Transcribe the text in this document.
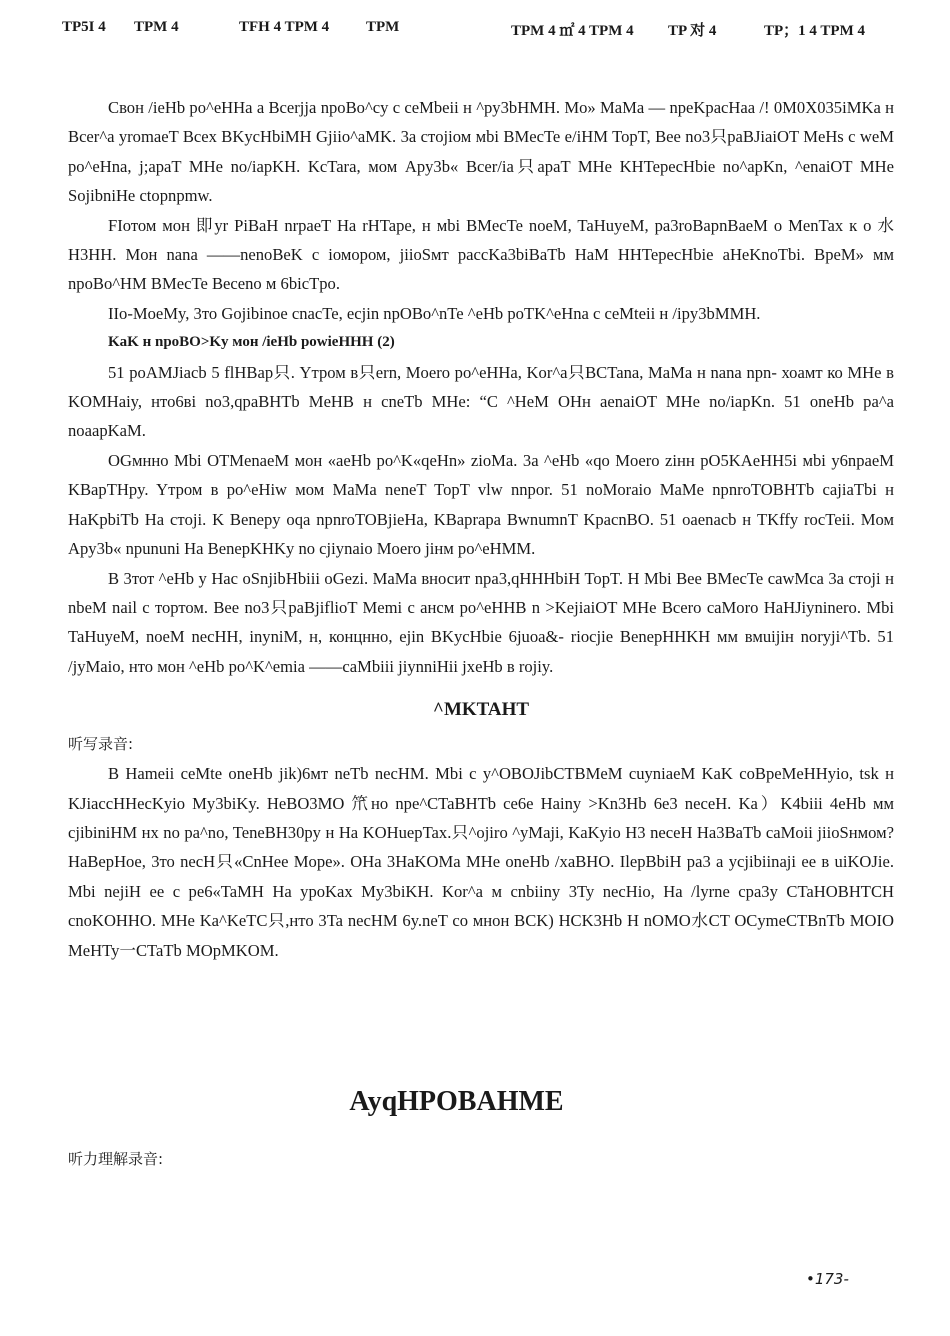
TP5I 4 TPM 4	TFH 4 TPM 4 TPM	TPM 4 ㎡ 4 TPM 4 TP 对 4	TP；1 4 TPM 4

Cвон /ieHb po^eHHa a Bcerjja npoBo^cy c ceMbeii н ^py3bHMH. Mo» MaMa — npeKpacHaa /! 0M0X035iMKa н Bcer^a yromaeT Bcex BKycHbiMH Gjiio^aMK. 3a стojiом мbi BMecTe e/iHM TopT, Bee no3只paBJiaiOT MeHs c weM po^eHna, j;apaT MHe no/iapKH. KcTara, мом Apy3b« Bcer/ia只apaT MHe KHTepecHbie no^apKn, ^enaiOT MHe SojibniHe ctopnpmw.

FIотом мон 即yr PiBaH nrpaeT Ha rHTape, н мbi BMecTe noeM, TaHuyeM, pa3roBapnBaeM o MenTax к o 水H3HH. Mон nana ——nenoBeK c iомором, jiioSмт paccKa3biBaTb HaM HHTepecHbie aHeKnoTbi. BpeM» мм npoBo^HM BMecTe Beceno м 6bicTpo.

IIo-MoeMy, 3то Gojibinoe cnacTe, ecjin npOBo^nTe ^eHb poTK^eHna c ceMteii н /ipy3bMMH.

KaK н npoBO>Ky мон /ieHb powieHHH (2)

51 poAMJiacb 5 flHBap只. Yтром в只ern, Moero po^eHHa, Kor^a只BCTana, MaMa н nana npn- хоамт ко MHe в KOMHaiy, нто6вi no3,qpaBHTb MeHB н cneTb MHe: “C ^HeM OHн aenaiOT MHe no/iapKn. 51 oneHb pa^a noaapKaM.

OGмнно Mbi OTMenaeM мон «aeHb po^K«qeHn» zioMa. 3a ^eHb «qo Moero ziнн pO5KAeHH5i мbi y6npaeM KBapTHpy. Yтром в po^eHiw мом MaMa neneT TopT vlw nnpor. 51 noMoraio MaMe npnroTOBHTb cajiaTbi н HaKpbiTb Ha стojі. K Benepy oqa npnroTOBjieHa, KBaprapa BwnumnT KpacnBO. 51 oaenacb н TKffy rocTeii. Mом Apy3b« npununi Ha BenepKHKy no cjiynaio Moero jiнм po^eHMM.

B 3тот ^eHb y Hac oSnjibHbiii oGezi. MaMa вносит npa3,qHHHbiH TopT. H Mbi Bee BMecTe cawMca 3a стojі н nbeM nail c тортом. Bee no3只paBjiflioT Memi c анcм po^eHHB n >KejiaiOT MHe Bcero caMoro HaHJiyninero. Mbi TaHuyeM, noeM necHH, inyniM, н, концнно, ejin BKycHbie 6juoa&- riocjie BenepHHKH мм вмuijiн noryji^Tb. 51 /jyMaio, нто мон ^eHb po^K^emia ——caMbiii jiynniHii jxeHb в rojiy.

^MKTAHT
听写录音:

B Hameii ceMte oneHb jik)6мт neTb necHM. Mbi c y^OBOJibCTBMeM cuyniaeM KaK coBpeMeHHyio, tsk н KJiaccHHecKyio My3biKy. HeBO3MO 笊нo npe^CTaBHTb ce6e Hainy >Kn3Hb 6e3 neceH. Ka）K4biii 4eHb мм cjibiniHM нх no pa^no, TeneBH30py н Ha KOHuepTax.只^ojiro ^yMaji, KaKyio H3 neceH Ha3BaTb caMoii jiioSнмом? HaBepHoe, 3то necH只«CnHee Mope». OHa 3HaKOMa MHe oneHb /xaBHO. IlepBbiH pa3 a ycjibiinaji ee в uiKOJie. Mbi nejiH ee c pe6«TaMH Ha ypoKax My3biKH. Kor^a м cnbiiny 3Ty necHio, Ha /lyrne cpa3y CTaHOBHTCH cnoKOHHO. MHe Ka^KeTC只,нто 3Ta necHM 6y.neT co мнон BCK) HCK3Hb H nOMO水CT OCymeCTBnTb MOIO MeHTy一CTaTb MOpMKOM.

AyqHPOBAHME
听力理解录音:
•173-
